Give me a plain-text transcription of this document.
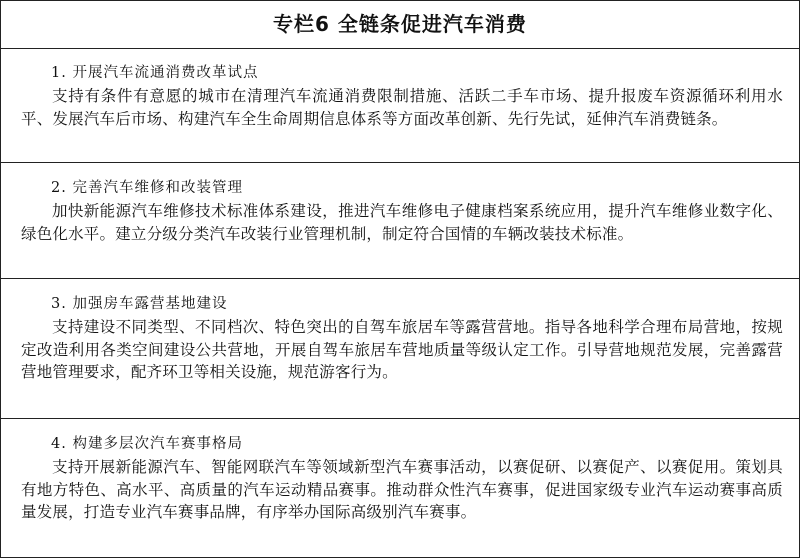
专栏6 全链条促进汽车消费
1. 开展汽车流通消费改革试点
支持有条件有意愿的城市在清理汽车流通消费限制措施、活跃二手车市场、提升报废车资源循环利用水平、发展汽车后市场、构建汽车全生命周期信息体系等方面改革创新、先行先试，延伸汽车消费链条。
2. 完善汽车维修和改装管理
加快新能源汽车维修技术标准体系建设，推进汽车维修电子健康档案系统应用，提升汽车维修业数字化、绿色化水平。建立分级分类汽车改装行业管理机制，制定符合国情的车辆改装技术标准。
3. 加强房车露营基地建设
支持建设不同类型、不同档次、特色突出的自驾车旅居车等露营营地。指导各地科学合理布局营地，按规定改造利用各类空间建设公共营地，开展自驾车旅居车营地质量等级认定工作。引导营地规范发展，完善露营营地管理要求，配齐环卫等相关设施，规范游客行为。
4. 构建多层次汽车赛事格局
支持开展新能源汽车、智能网联汽车等领域新型汽车赛事活动，以赛促研、以赛促产、以赛促用。策划具有地方特色、高水平、高质量的汽车运动精品赛事。推动群众性汽车赛事，促进国家级专业汽车运动赛事高质量发展，打造专业汽车赛事品牌，有序举办国际高级别汽车赛事。
